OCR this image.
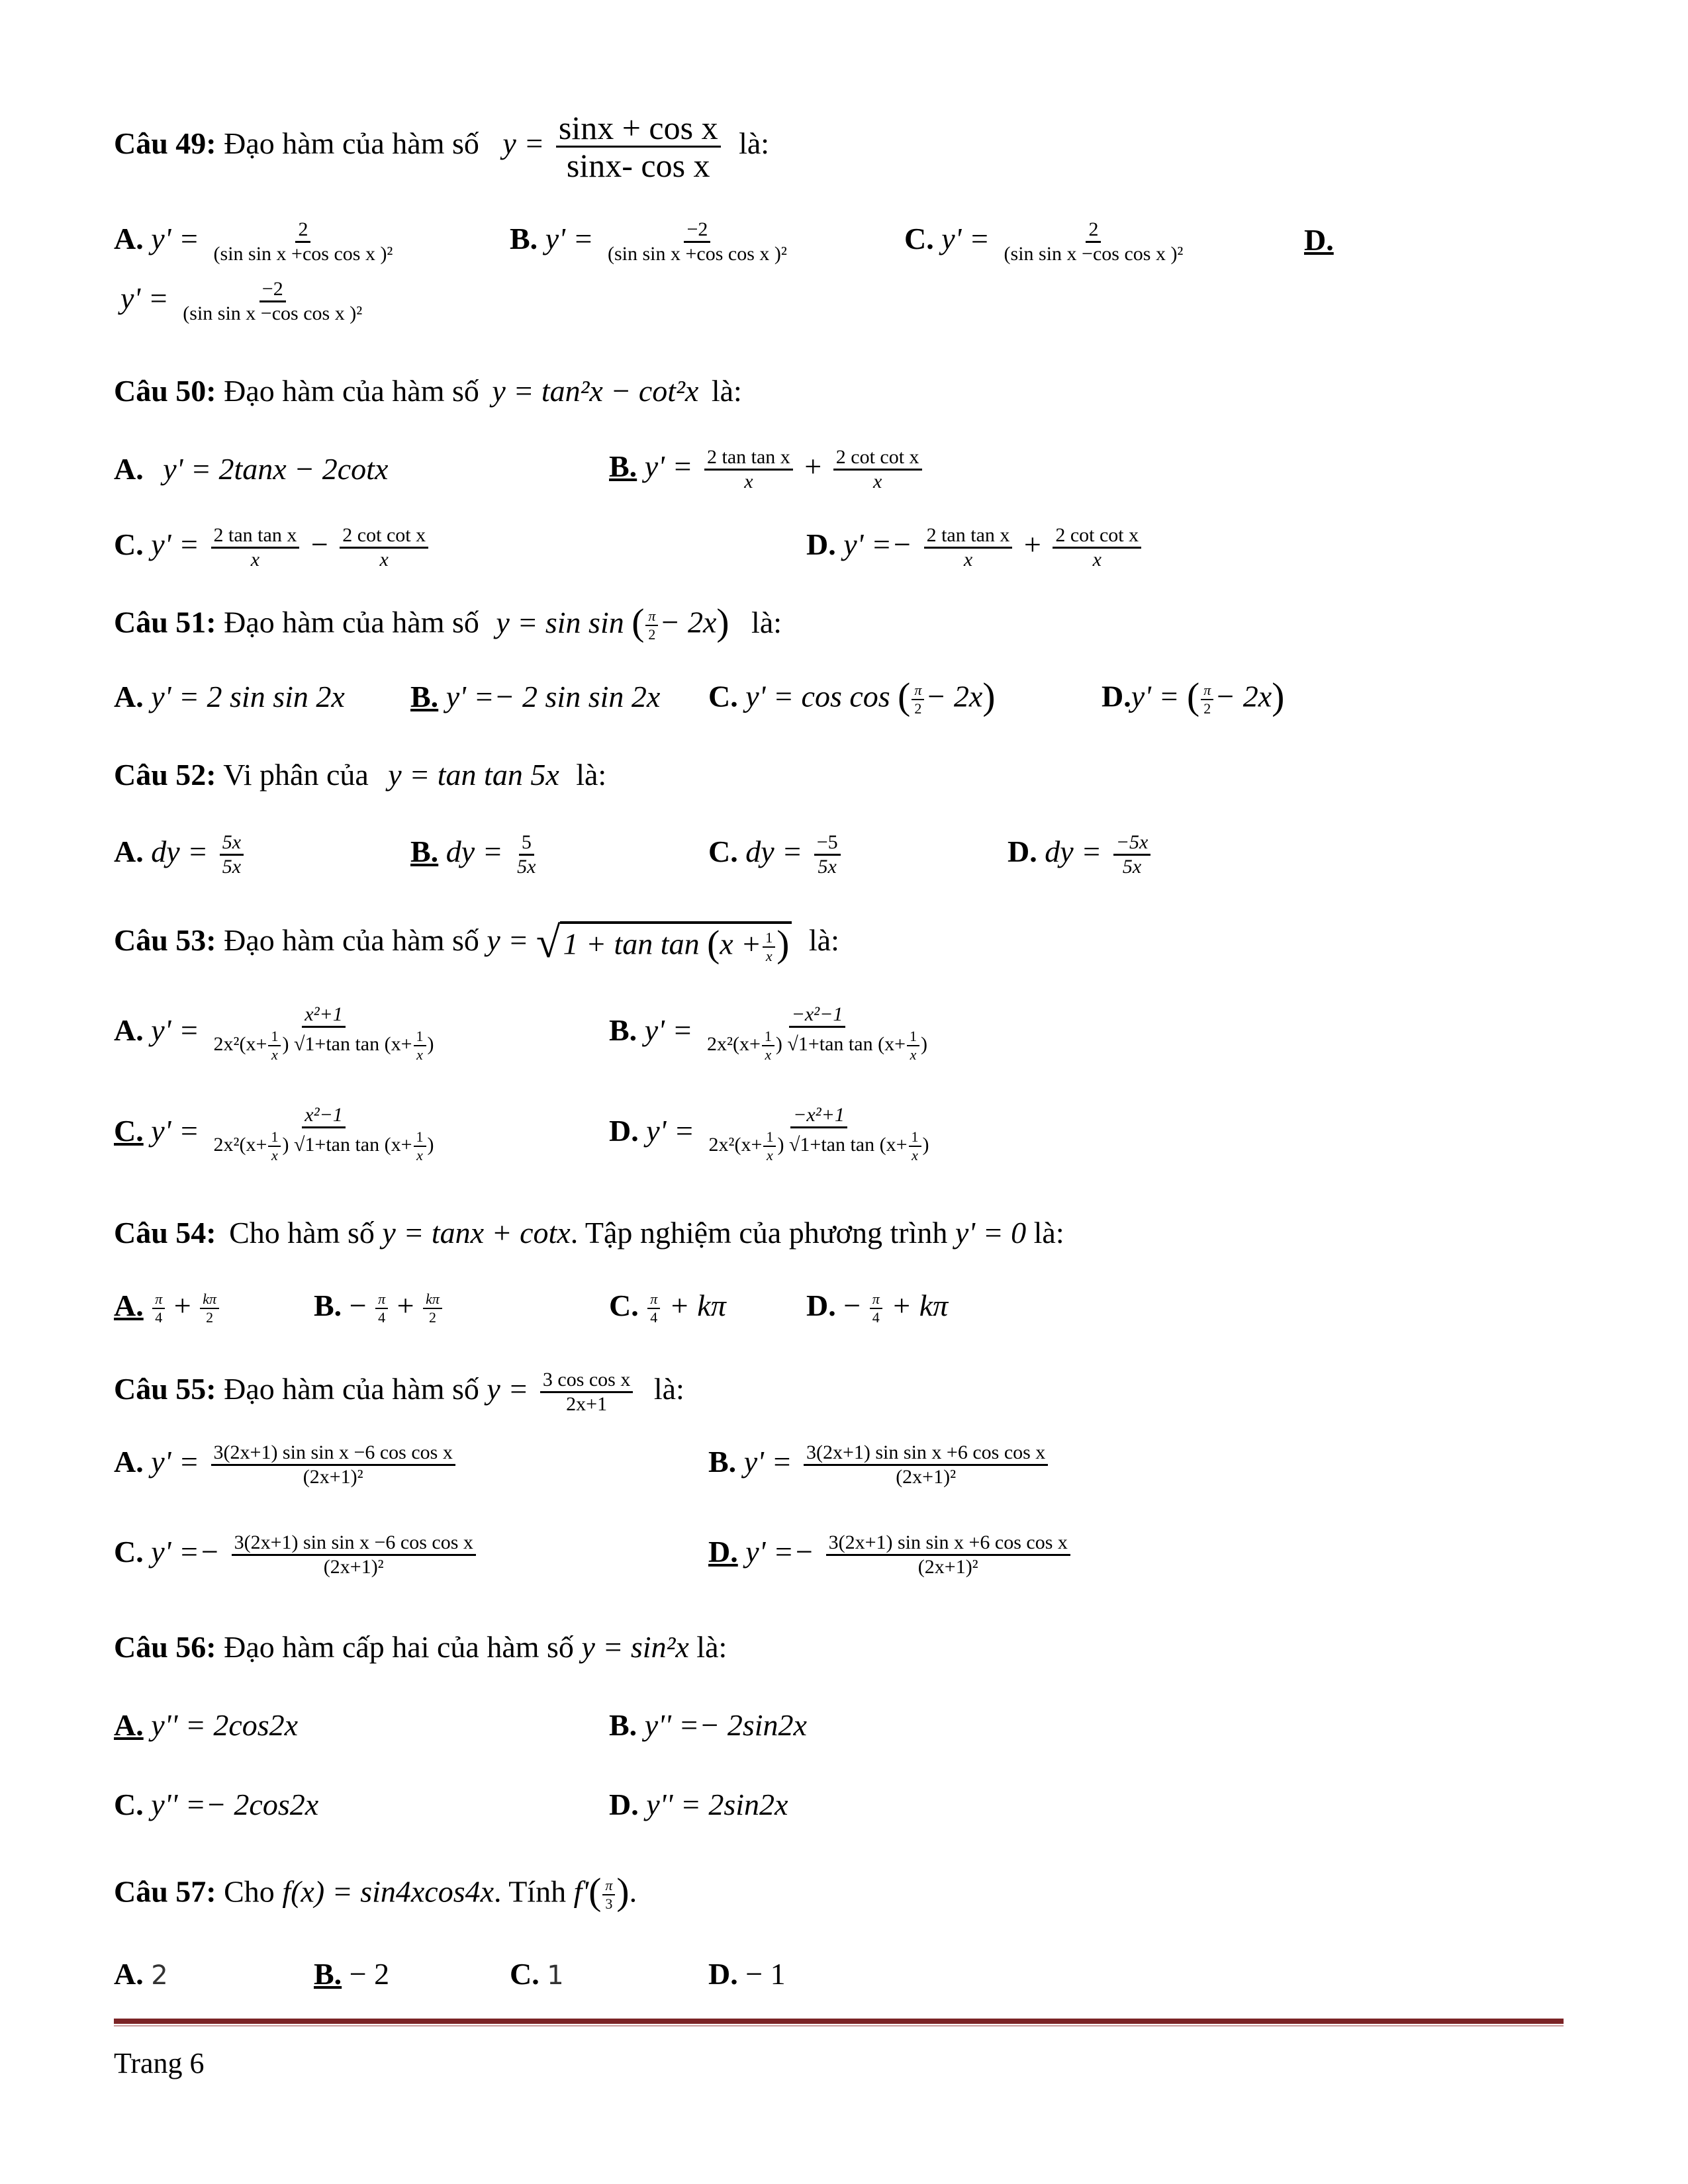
Câu 49: Đạo hàm của hàm số $y = \frac{\text{sinx + cos x}}{\text{sinx- cos x}}$ là:
A. $y' = \frac{2}{\text{(sin sin x +cos cos x )²}}$	B. $y' = \frac{-2}{\text{(sin sin x +cos cos x )²}}$	C. $y' = \frac{2}{\text{(sin sin x −cos cos x )²}}$	D.
$y' = \frac{-2}{\text{(sin sin x −cos cos x )²}}$
Câu 50: Đạo hàm của hàm số y = tan²x − cot²x là:
A. y' = 2tanx − 2cotx	B. $y' = \frac{\text{2 tan tan x}}{x} + \frac{\text{2 cot cot x}}{x}$
C. $y' = \frac{\text{2 tan tan x}}{x} - \frac{\text{2 cot cot x}}{x}$	D. $y' =- \frac{\text{2 tan tan x}}{x} + \frac{\text{2 cot cot x}}{x}$
Câu 51: Đạo hàm của hàm số y = sin sin ( $\frac{\pi}{2} - 2x$) là:
A. y' = 2 sin sin 2x B. y' =− 2 sin sin 2x C. y' = cos cos ( $\frac{\pi}{2} - 2x$)	D.y' = ( $\frac{\pi}{2} - 2x$)
Câu 52: Vi phân của y = tan tan 5x là:
A. dy = $\frac{5x}{5x}$	B. dy = $\frac{5}{5x}$	C. dy = $\frac{-5}{5x}$	D. dy = $\frac{-5x}{5x}$
Câu 53: Đạo hàm của hàm số y = √ $1 + \tan \tan (x + \frac{1}{x}$ ) là:
A. $y' = \frac{\text{x²+1}}{2x^2(x+ \frac{1}{x} ) √1+\tan \tan (x+ \frac{1}{x} )}$	B. $y' = \frac{\text{−x²−1}}{2x^2(x+ \frac{1}{x} ) √1+\tan \tan (x+ \frac{1}{x} )}$
C. $y' = \frac{\text{x²−1}}{2x^2(x+ \frac{1}{x} ) √1+\tan \tan (x+ \frac{1}{x} )}$	D. $y' = \frac{\text{−x²+1}}{2x^2(x+ \frac{1}{x} ) √1+\tan \tan (x+ \frac{1}{x} )}$
Câu 54: Cho hàm số y = tanx + cotx. Tập nghiệm của phương trình y' = 0 là:
A. $\frac{\pi}{4} + \frac{k\pi}{2}$	B. − $\frac{\pi}{4} + \frac{k\pi}{2}$	C. $\frac{\pi}{4} + k\pi$	D. − $\frac{\pi}{4} + k\pi$
Câu 55: Đạo hàm của hàm số $y = \frac{\text{3 cos cos x}}{2x+1}$ là:
A. $y' = \frac{\text{3(2x+1) sin sin x −6 cos cos x}}{\text{(2x+1)²}}$	B. $y' = \frac{\text{3(2x+1) sin sin x +6 cos cos x}}{\text{(2x+1)²}}$
C. $y' =- \frac{\text{3(2x+1) sin sin x −6 cos cos x}}{\text{(2x+1)²}}$	D. $y' =- \frac{\text{3(2x+1) sin sin x +6 cos cos x}}{\text{(2x+1)²}}$
Câu 56: Đạo hàm cấp hai của hàm số y = sin²x là:
A. y'' = 2cos2x	B. y'' =− 2sin2x
C. y'' =− 2cos2x	D. y'' = 2sin2x
Câu 57: Cho f(x) = sin4xcos4x. Tính $f'( \frac{\pi}{3}$ ).
A. 2	B. − 2	C. 1	D. − 1
Trang 6
